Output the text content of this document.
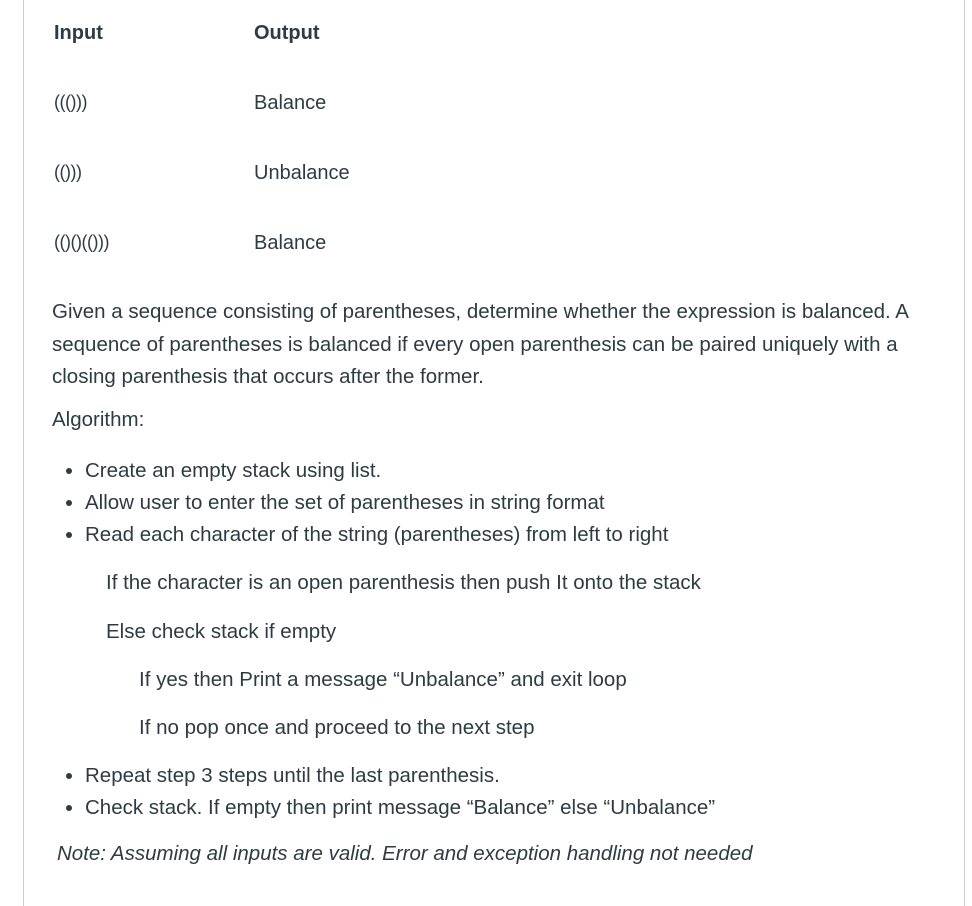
Input	Output
((()))	Balance
(()))	Unbalance
(()()(()))	Balance

Given a sequence consisting of parentheses, determine whether the expression is balanced. A sequence of parentheses is balanced if every open parenthesis can be paired uniquely with a closing parenthesis that occurs after the former.

Algorithm:

• Create an empty stack using list.
• Allow user to enter the set of parentheses in string format
• Read each character of the string (parentheses) from left to right

If the character is an open parenthesis then push It onto the stack

Else check stack if empty

If yes then Print a message “Unbalance” and exit loop

If no pop once and proceed to the next step

• Repeat step 3 steps until the last parenthesis.
• Check stack. If empty then print message “Balance” else “Unbalance”

Note: Assuming all inputs are valid. Error and exception handling not needed
